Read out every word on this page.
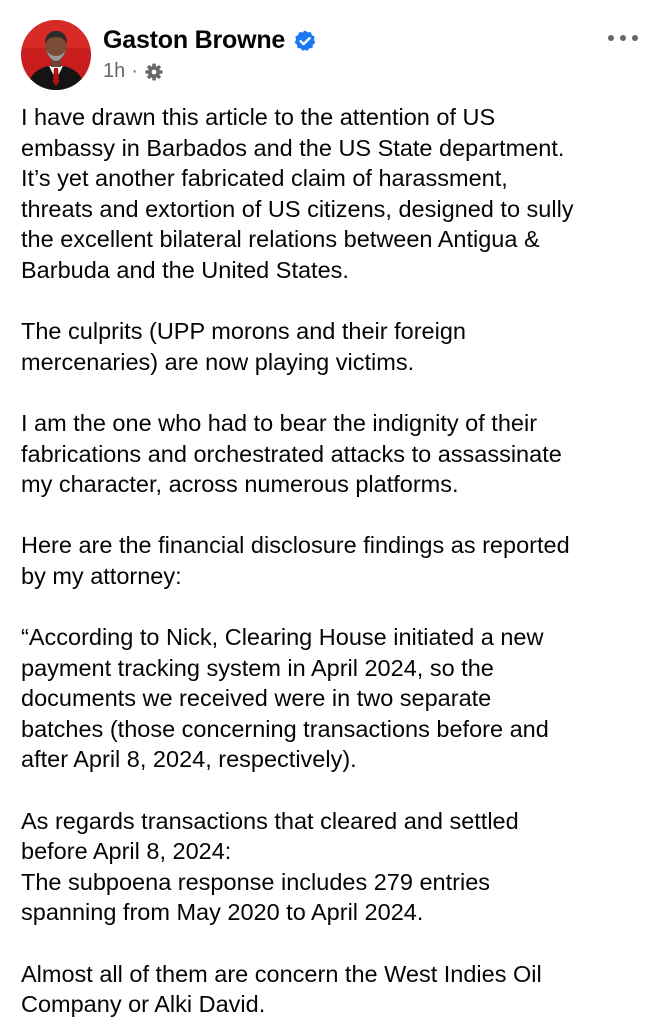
Gaston Browne
1h ·

I have drawn this article to the attention of US
embassy in Barbados and the US State department.
It’s yet another fabricated claim of harassment,
threats and extortion of US citizens, designed to sully
the excellent bilateral relations between Antigua &
Barbuda and the United States.

The culprits (UPP morons and their foreign
mercenaries) are now playing victims.

I am the one who had to bear the indignity of their
fabrications and orchestrated attacks to assassinate
my character, across numerous platforms.

Here are the financial disclosure findings as reported
by my attorney:

“According to Nick, Clearing House initiated a new
payment tracking system in April 2024, so the
documents we received were in two separate
batches (those concerning transactions before and
after April 8, 2024, respectively).

As regards transactions that cleared and settled
before April 8, 2024:
The subpoena response includes 279 entries
spanning from May 2020 to April 2024.

Almost all of them are concern the West Indies Oil
Company or Alki David.
